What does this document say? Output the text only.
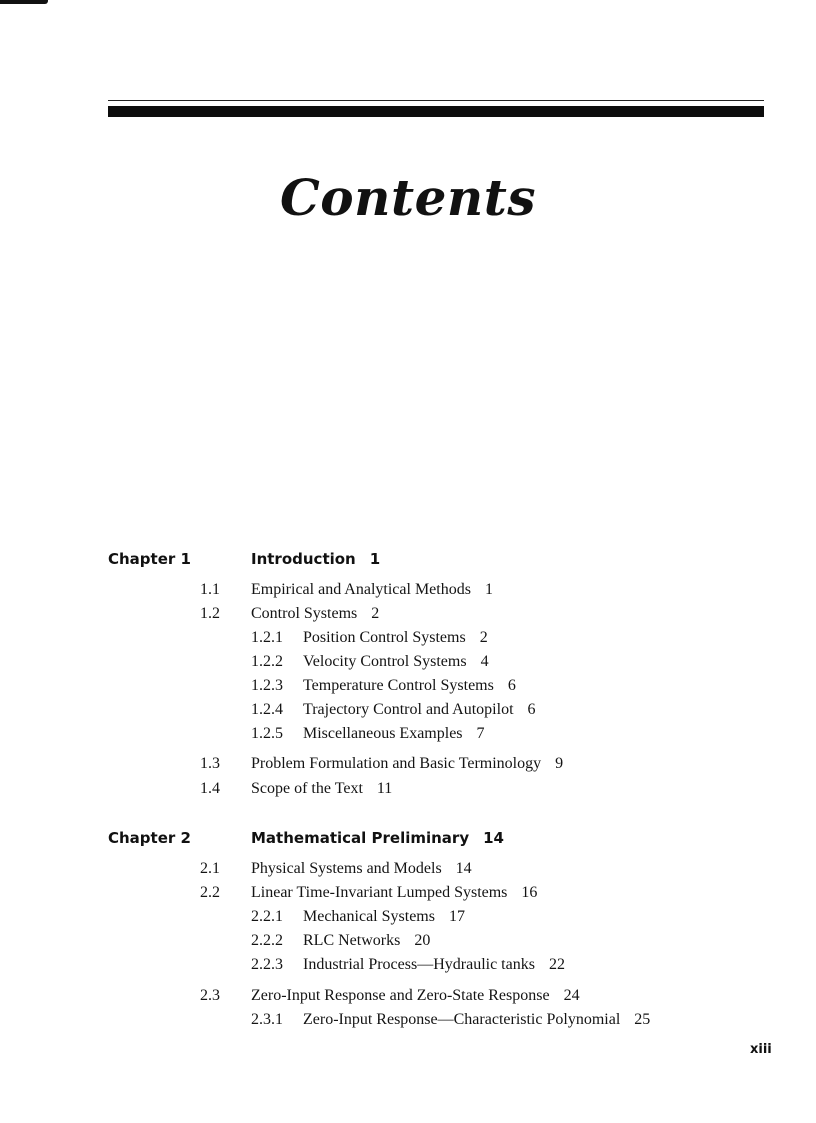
Contents
Chapter 1	Introduction 1
1.1 Empirical and Analytical Methods 1
1.2 Control Systems 2
1.2.1 Position Control Systems 2
1.2.2 Velocity Control Systems 4
1.2.3 Temperature Control Systems 6
1.2.4 Trajectory Control and Autopilot 6
1.2.5 Miscellaneous Examples 7
1.3 Problem Formulation and Basic Terminology 9
1.4 Scope of the Text 11
Chapter 2	Mathematical Preliminary 14
2.1 Physical Systems and Models 14
2.2 Linear Time-Invariant Lumped Systems 16
2.2.1 Mechanical Systems 17
2.2.2 RLC Networks 20
2.2.3 Industrial Process—Hydraulic tanks 22
2.3 Zero-Input Response and Zero-State Response 24
2.3.1 Zero-Input Response—Characteristic Polynomial 25
xiii
